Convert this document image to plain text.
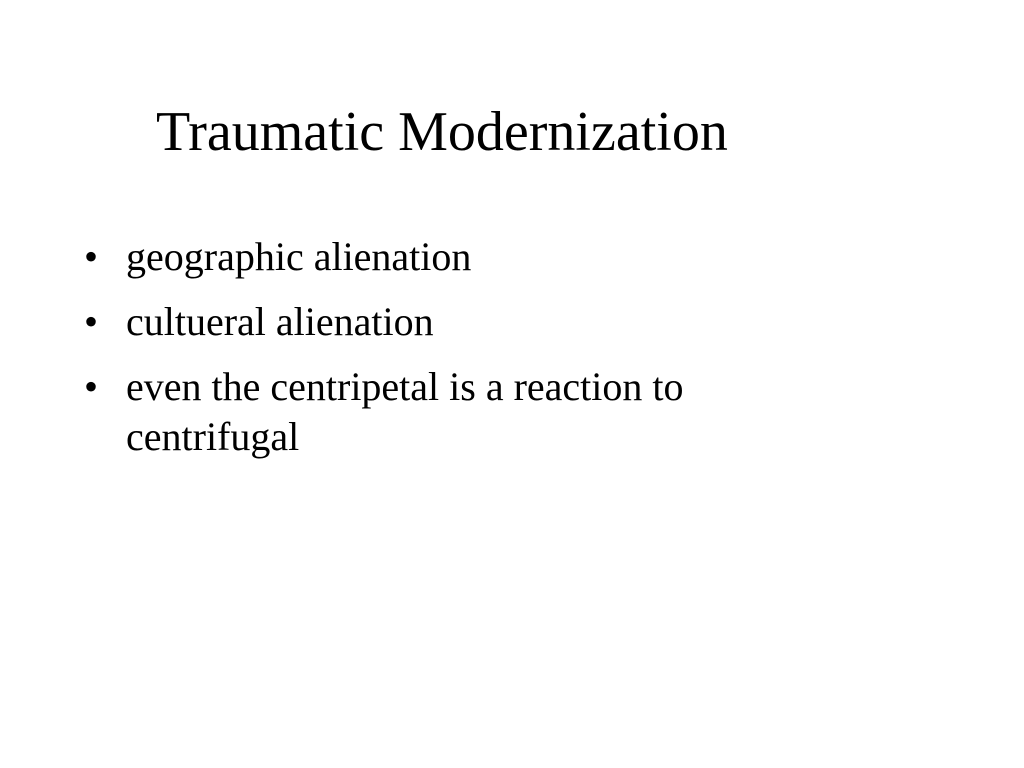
Traumatic Modernization
• geographic alienation
• cultueral alienation
• even the centripetal is a reaction to centrifugal
